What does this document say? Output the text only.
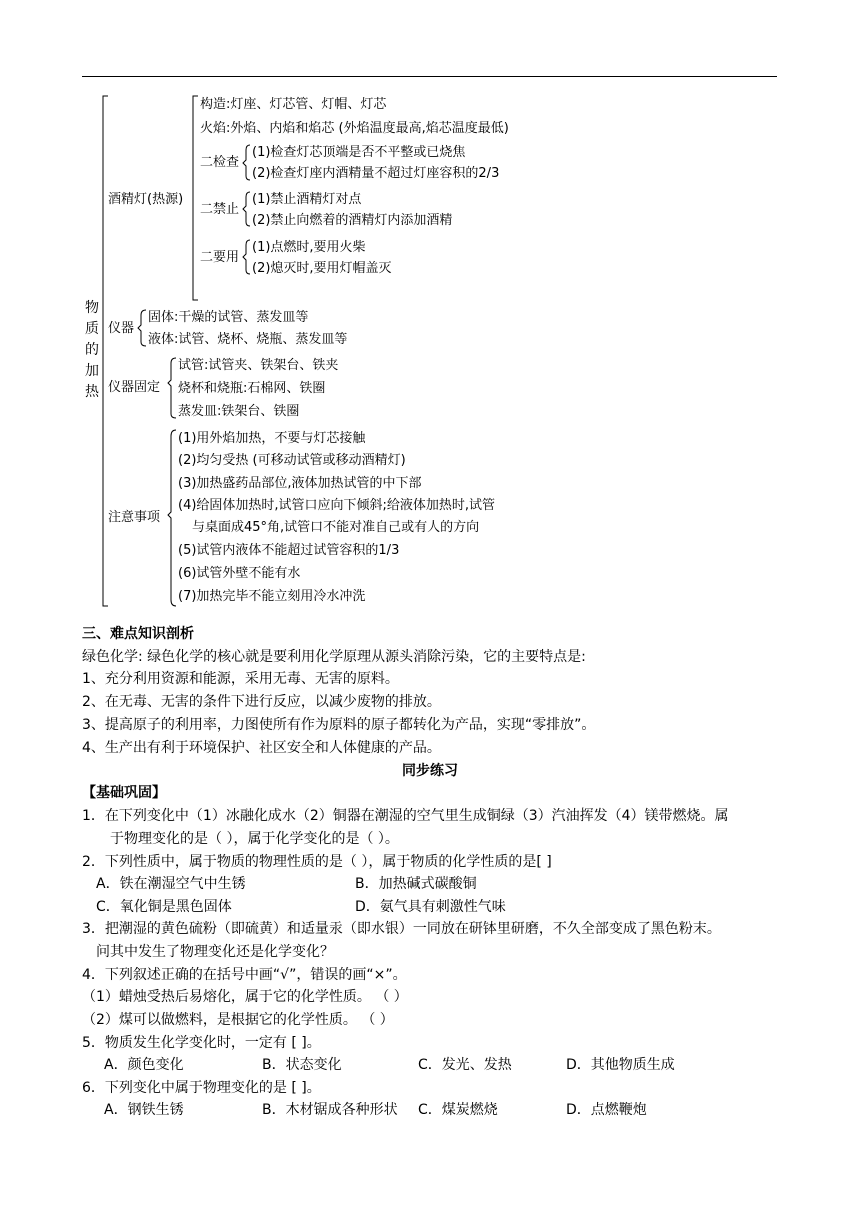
物
质
的
加
热
酒精灯(热源)
构造:灯座、灯芯管、灯帽、灯芯
火焰:外焰、内焰和焰芯 (外焰温度最高,焰芯温度最低)
二检查
(1)检查灯芯顶端是否不平整或已烧焦
(2)检查灯座内酒精量不超过灯座容积的2/3
二禁止
(1)禁止酒精灯对点
(2)禁止向燃着的酒精灯内添加酒精
二要用
(1)点燃时,要用火柴
(2)熄灭时,要用灯帽盖灭
仪器
固体:干燥的试管、蒸发皿等
液体:试管、烧杯、烧瓶、蒸发皿等
仪器固定
试管:试管夹、铁架台、铁夹
烧杯和烧瓶:石棉网、铁圈
蒸发皿:铁架台、铁圈
注意事项
(1)用外焰加热，不要与灯芯接触
(2)均匀受热 (可移动试管或移动酒精灯)
(3)加热盛药品部位,液体加热试管的中下部
(4)给固体加热时,试管口应向下倾斜;给液体加热时,试管
与桌面成45°角,试管口不能对准自己或有人的方向
(5)试管内液体不能超过试管容积的1/3
(6)试管外壁不能有水
(7)加热完毕不能立刻用冷水冲洗
三、难点知识剖析
绿色化学: 绿色化学的核心就是要利用化学原理从源头消除污染，它的主要特点是:
1、充分利用资源和能源，采用无毒、无害的原料。
2、在无毒、无害的条件下进行反应，以减少废物的排放。
3、提高原子的利用率，力图使所有作为原料的原子都转化为产品，实现“零排放”。
4、生产出有利于环境保护、社区安全和人体健康的产品。
同步练习
【基础巩固】
1．在下列变化中（1）冰融化成水（2）铜器在潮湿的空气里生成铜绿（3）汽油挥发（4）镁带燃烧。属
于物理变化的是（ ），属于化学变化的是（ ）。
2．下列性质中，属于物质的物理性质的是（ ），属于物质的化学性质的是[ ]
A．铁在潮湿空气中生锈	B．加热碱式碳酸铜
C．氧化铜是黑色固体	D．氨气具有刺激性气味
3．把潮湿的黄色硫粉（即硫黄）和适量汞（即水银）一同放在研钵里研磨，不久全部变成了黑色粉末。
问其中发生了物理变化还是化学变化？
4．下列叙述正确的在括号中画“√”，错误的画“×”。
（1）蜡烛受热后易熔化，属于它的化学性质。 （ ）
（2）煤可以做燃料，是根据它的化学性质。 （ ）
5．物质发生化学变化时，一定有 [ ]。
A．颜色变化	B．状态变化	C．发光、发热	D．其他物质生成
6．下列变化中属于物理变化的是 [ ]。
A．钢铁生锈	B．木材锯成各种形状 C．煤炭燃烧	D．点燃鞭炮
